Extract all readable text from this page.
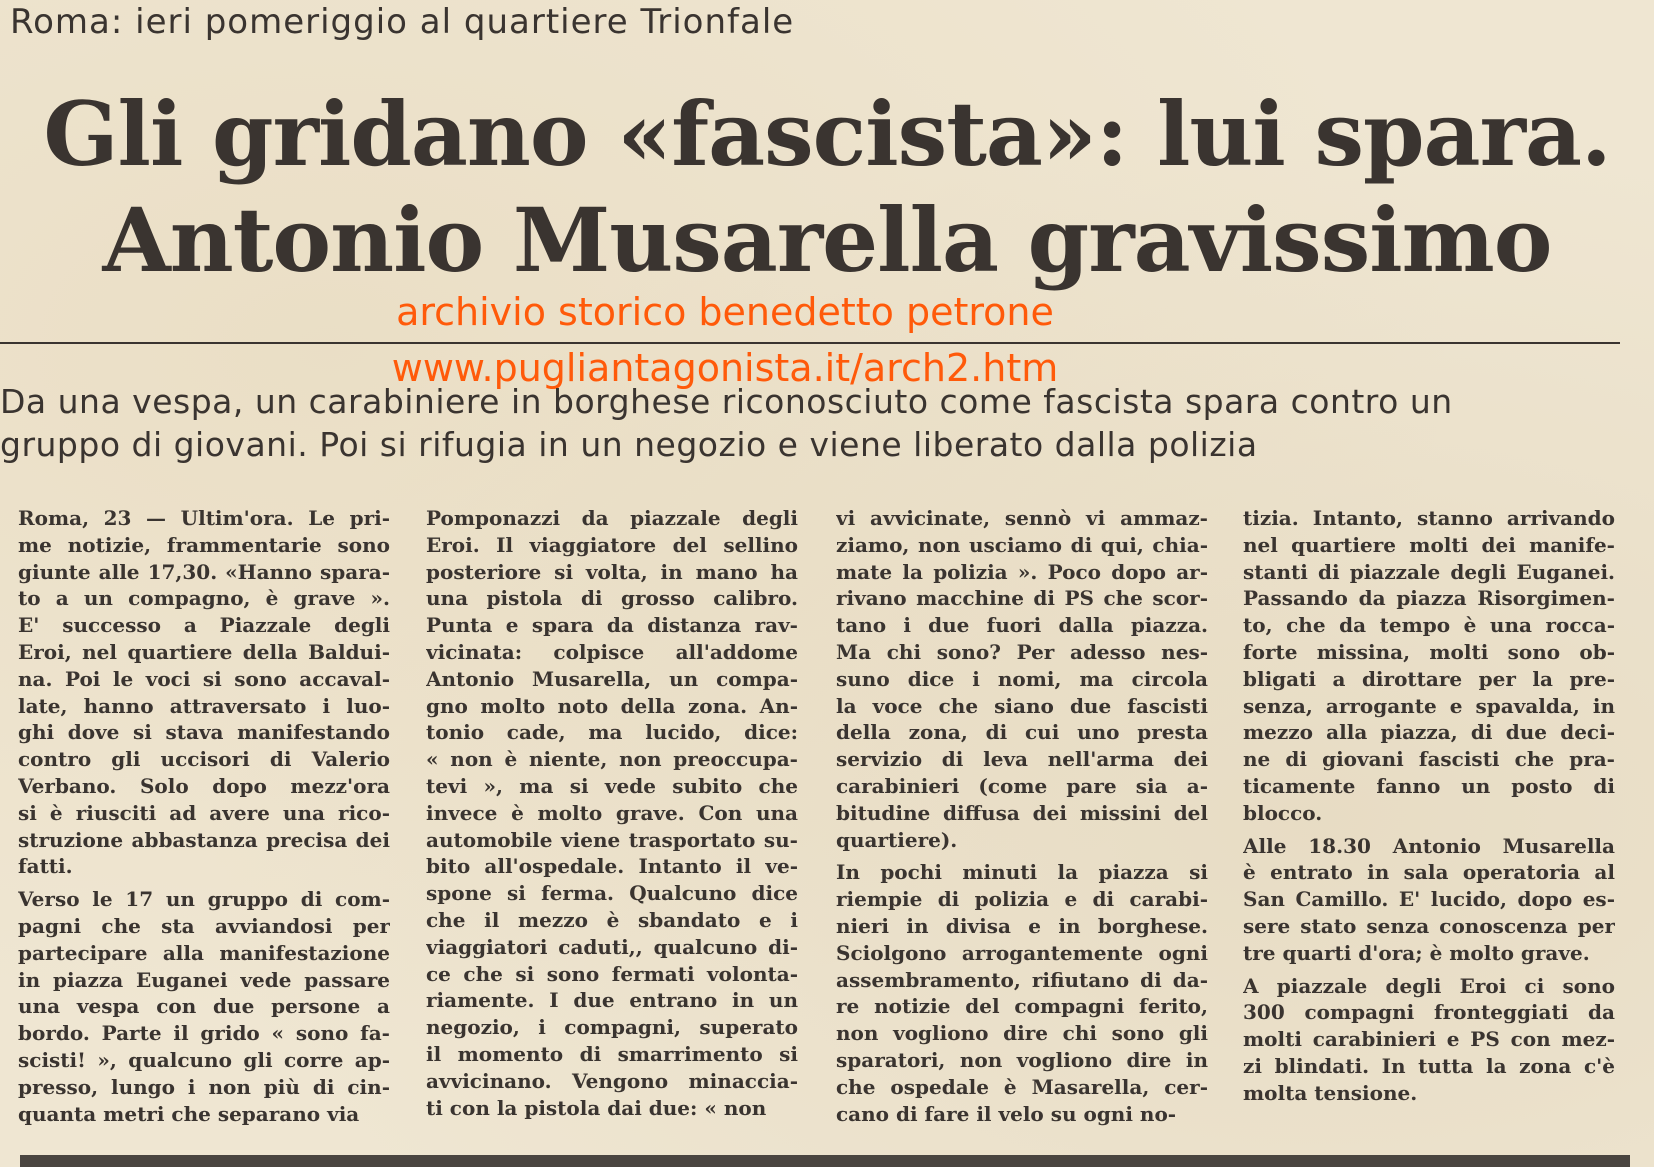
Roma: ieri pomeriggio al quartiere Trionfale
Gli gridano «fascista»: lui spara.
Antonio Musarella gravissimo
archivio storico benedetto petrone
www.pugliantagonista.it/arch2.htm
Da una vespa, un carabiniere in borghese riconosciuto come fascista spara contro un
gruppo di giovani. Poi si rifugia in un negozio e viene liberato dalla polizia
Roma, 23 — Ultim'ora. Le pri-
me notizie, frammentarie sono
giunte alle 17,30. «Hanno spara-
to a un compagno, è grave ».
E' successo a Piazzale degli
Eroi, nel quartiere della Baldui-
na. Poi le voci si sono accaval-
late, hanno attraversato i luo-
ghi dove si stava manifestando
contro gli uccisori di Valerio
Verbano. Solo dopo mezz'ora
si è riusciti ad avere una rico-
struzione abbastanza precisa dei
fatti.
Verso le 17 un gruppo di com-
pagni che sta avviandosi per
partecipare alla manifestazione
in piazza Euganei vede passare
una vespa con due persone a
bordo. Parte il grido « sono fa-
scisti! », qualcuno gli corre ap-
presso, lungo i non più di cin-
quanta metri che separano via
Pomponazzi da piazzale degli
Eroi. Il viaggiatore del sellino
posteriore si volta, in mano ha
una pistola di grosso calibro.
Punta e spara da distanza rav-
vicinata: colpisce all'addome
Antonio Musarella, un compa-
gno molto noto della zona. An-
tonio cade, ma lucido, dice:
« non è niente, non preoccupa-
tevi », ma si vede subito che
invece è molto grave. Con una
automobile viene trasportato su-
bito all'ospedale. Intanto il ve-
spone si ferma. Qualcuno dice
che il mezzo è sbandato e i
viaggiatori caduti,, qualcuno di-
ce che si sono fermati volonta-
riamente. I due entrano in un
negozio, i compagni, superato
il momento di smarrimento si
avvicinano. Vengono minaccia-
ti con la pistola dai due: « non
vi avvicinate, sennò vi ammaz-
ziamo, non usciamo di qui, chia-
mate la polizia ». Poco dopo ar-
rivano macchine di PS che scor-
tano i due fuori dalla piazza.
Ma chi sono? Per adesso nes-
suno dice i nomi, ma circola
la voce che siano due fascisti
della zona, di cui uno presta
servizio di leva nell'arma dei
carabinieri (come pare sia a-
bitudine diffusa dei missini del
quartiere).
In pochi minuti la piazza si
riempie di polizia e di carabi-
nieri in divisa e in borghese.
Sciolgono arrogantemente ogni
assembramento, rifiutano di da-
re notizie del compagni ferito,
non vogliono dire chi sono gli
sparatori, non vogliono dire in
che ospedale è Masarella, cer-
cano di fare il velo su ogni no-
tizia. Intanto, stanno arrivando
nel quartiere molti dei manife-
stanti di piazzale degli Euganei.
Passando da piazza Risorgimen-
to, che da tempo è una rocca-
forte missina, molti sono ob-
bligati a dirottare per la pre-
senza, arrogante e spavalda, in
mezzo alla piazza, di due deci-
ne di giovani fascisti che pra-
ticamente fanno un posto di
blocco.
Alle 18.30 Antonio Musarella
è entrato in sala operatoria al
San Camillo. E' lucido, dopo es-
sere stato senza conoscenza per
tre quarti d'ora; è molto grave.
A piazzale degli Eroi ci sono
300 compagni fronteggiati da
molti carabinieri e PS con mez-
zi blindati. In tutta la zona c'è
molta tensione.
